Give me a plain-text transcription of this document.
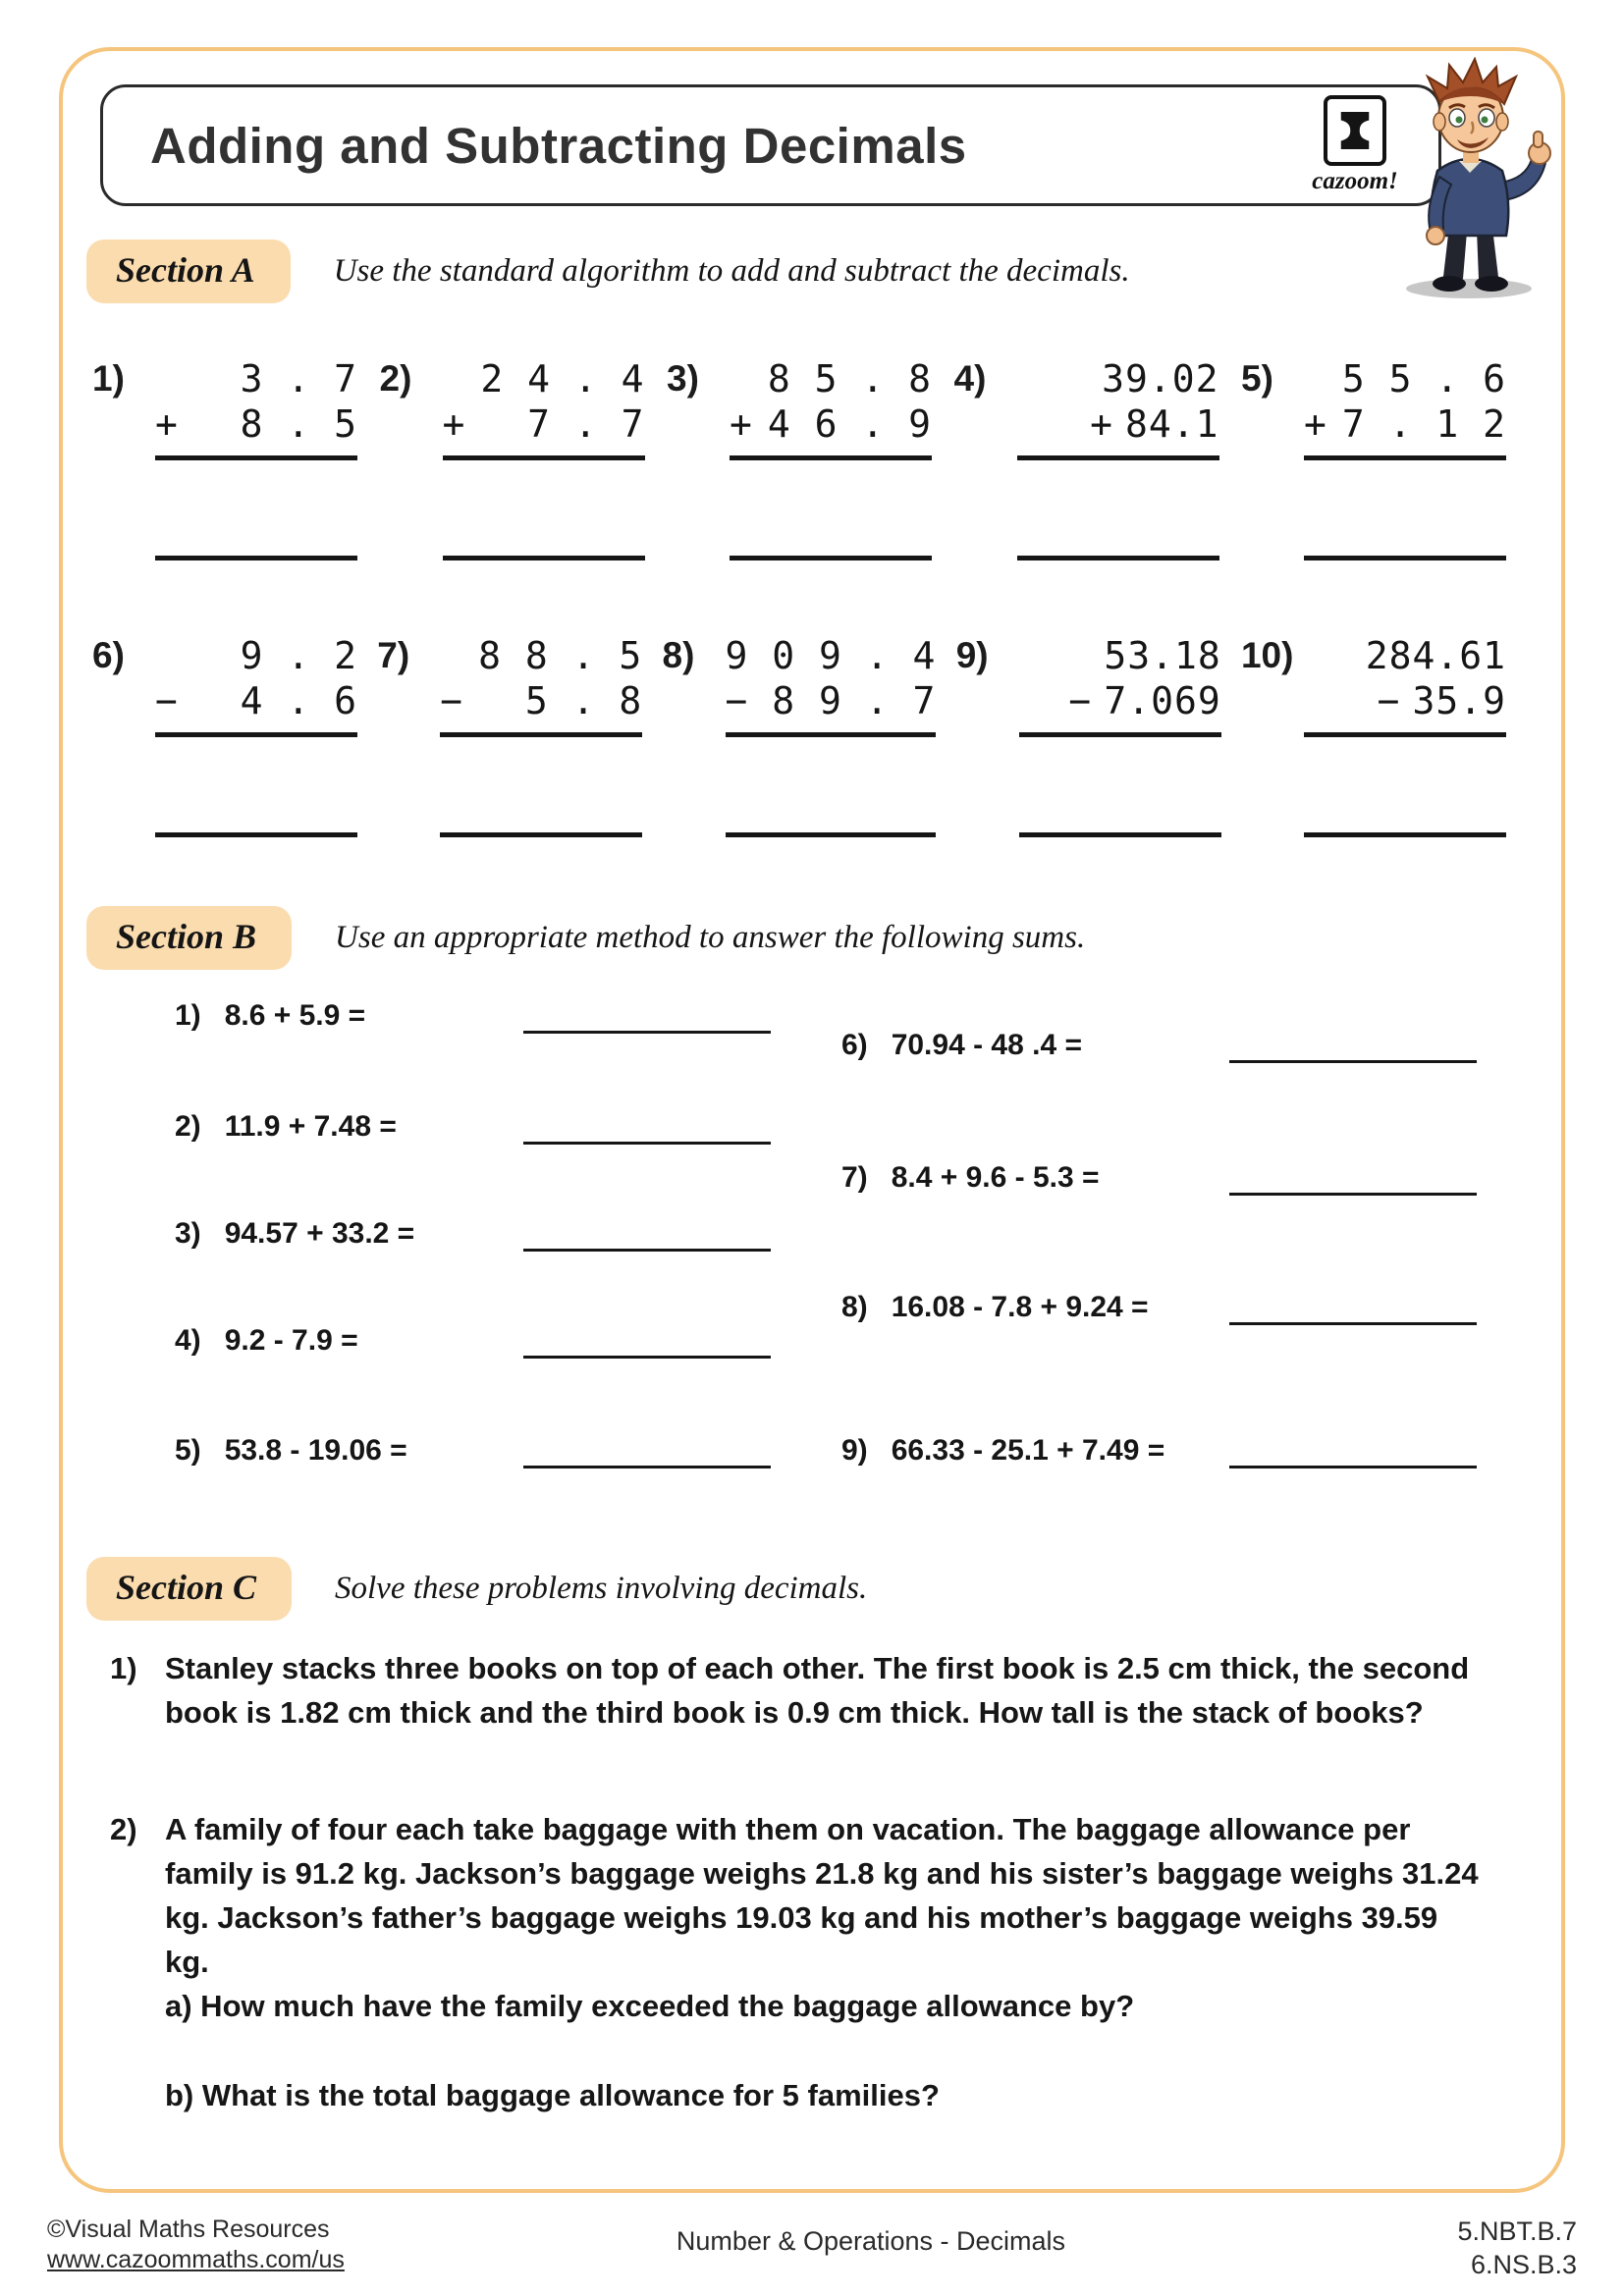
Adding and Subtracting Decimals
cazoom!
Section A	Use the standard algorithm to add and subtract the decimals.
1)	3 . 7
+ 8 . 5
2)	2 4 . 4
+ 7 . 7
3)	8 5 . 8
+ 4 6 . 9
4)	39.02
+ 84.1
5)	5 5 . 6
+ 7 . 1 2
6)	9 . 2
− 4 . 6
7)	8 8 . 5
− 5 . 8
8) 9 0 9 . 4
− 8 9 . 7
9)	53.18
− 7.069
10)	284.61
− 35.9
Section B	Use an appropriate method to answer the following sums.
1) 8.6 + 5.9 =
2) 11.9 + 7.48 =
3) 94.57 + 33.2 =
4) 9.2 - 7.9 =
5) 53.8 - 19.06 =
6) 70.94 - 48 .4 =
7) 8.4 + 9.6 - 5.3 =
8) 16.08 - 7.8 + 9.24 =
9) 66.33 - 25.1 + 7.49 =
Section C	Solve these problems involving decimals.
1) Stanley stacks three books on top of each other. The first book is 2.5 cm thick, the second book is 1.82 cm thick and the third book is 0.9 cm thick. How tall is the stack of books?
2) A family of four each take baggage with them on vacation. The baggage allowance per family is 91.2 kg. Jackson’s baggage weighs 21.8 kg and his sister’s baggage weighs 31.24 kg. Jackson’s father’s baggage weighs 19.03 kg and his mother’s baggage weighs 39.59 kg.
a) How much have the family exceeded the baggage allowance by?
b) What is the total baggage allowance for 5 families?
©Visual Maths Resources
www.cazoommaths.com/us
Number & Operations - Decimals	5.NBT.B.7
6.NS.B.3
